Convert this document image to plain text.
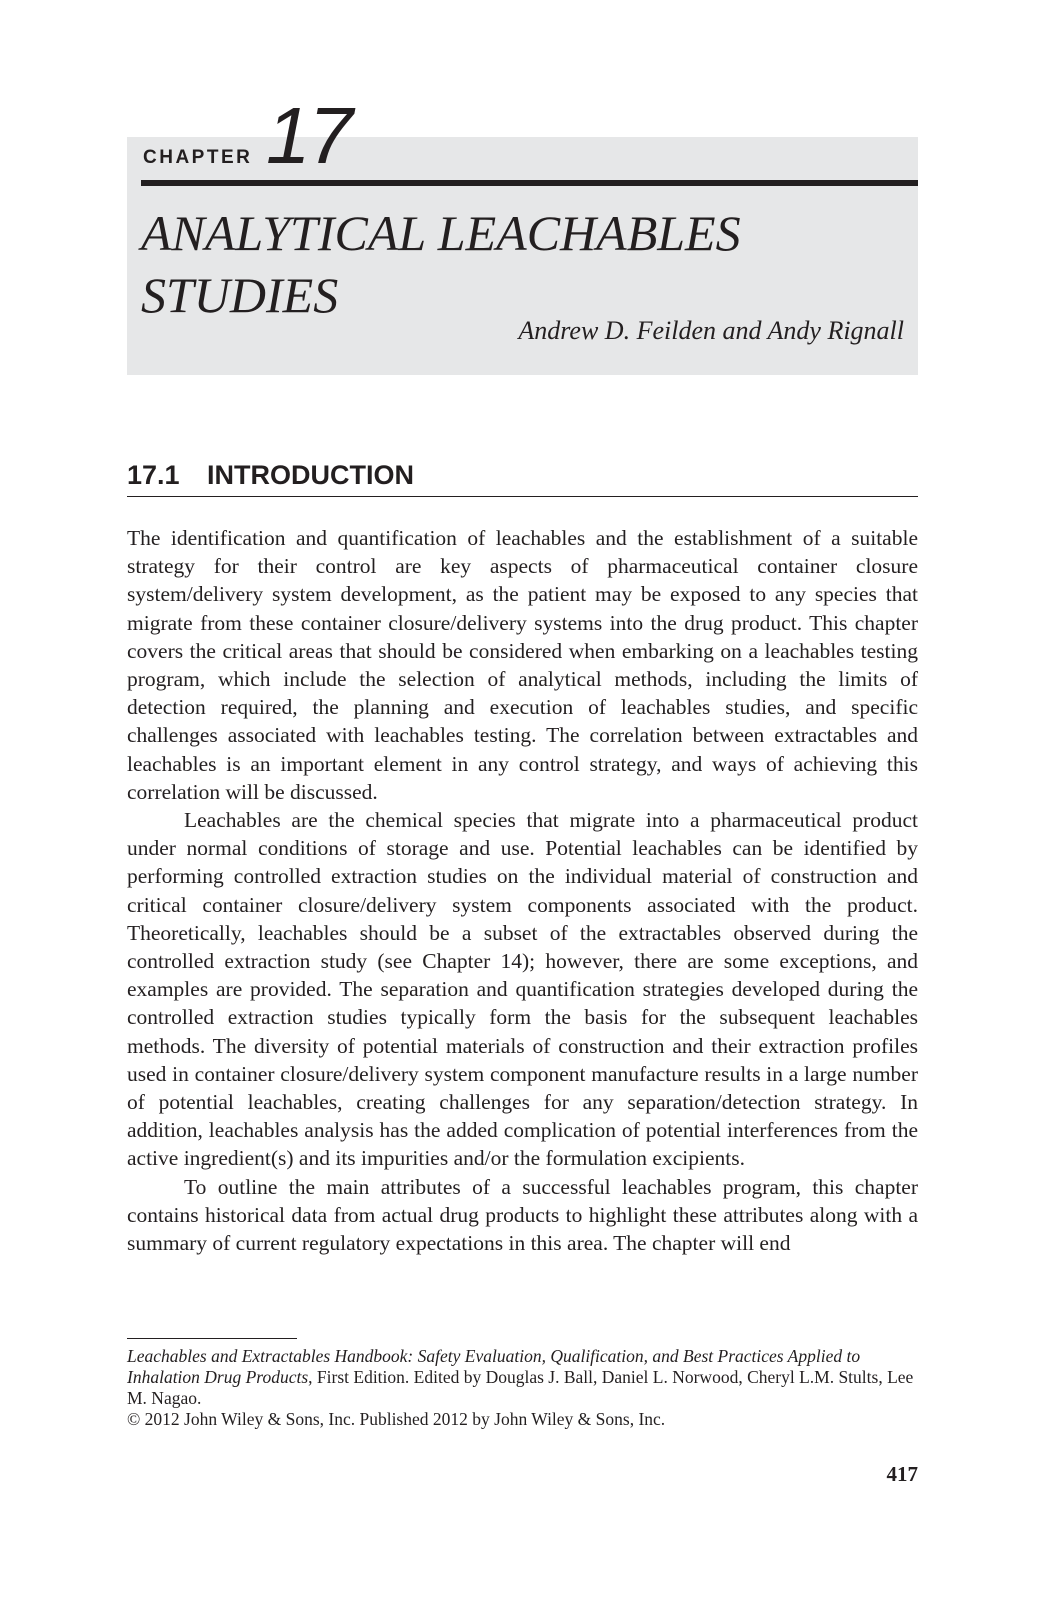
CHAPTER 17
ANALYTICAL LEACHABLES
STUDIES
Andrew D. Feilden and Andy Rignall
17.1 INTRODUCTION

The identification and quantification of leachables and the establishment of a suitable strategy for their control are key aspects of pharmaceutical container closure system/delivery system development, as the patient may be exposed to any species that migrate from these container closure/delivery systems into the drug product. This chapter covers the critical areas that should be considered when embarking on a leachables testing program, which include the selection of analytical methods, including the limits of detection required, the planning and execution of leachables studies, and specific challenges associated with leachables testing. The correlation between extractables and leachables is an important element in any control strategy, and ways of achieving this correlation will be discussed.

Leachables are the chemical species that migrate into a pharmaceutical product under normal conditions of storage and use. Potential leachables can be identified by performing controlled extraction studies on the individual material of construction and critical container closure/delivery system components associated with the product. Theoretically, leachables should be a subset of the extractables observed during the controlled extraction study (see Chapter 14); however, there are some exceptions, and examples are provided. The separation and quantification strategies developed during the controlled extraction studies typically form the basis for the subsequent leachables methods. The diversity of potential materials of construction and their extraction profiles used in container closure/delivery system component manufacture results in a large number of potential leachables, creating challenges for any separation/detection strategy. In addition, leachables analysis has the added complication of potential interferences from the active ingredient(s) and its impurities and/or the formulation excipients.

To outline the main attributes of a successful leachables program, this chapter contains historical data from actual drug products to highlight these attributes along with a summary of current regulatory expectations in this area. The chapter will end

Leachables and Extractables Handbook: Safety Evaluation, Qualification, and Best Practices Applied to Inhalation Drug Products, First Edition. Edited by Douglas J. Ball, Daniel L. Norwood, Cheryl L.M. Stults, Lee M. Nagao.

© 2012 John Wiley & Sons, Inc. Published 2012 by John Wiley & Sons, Inc.

417
